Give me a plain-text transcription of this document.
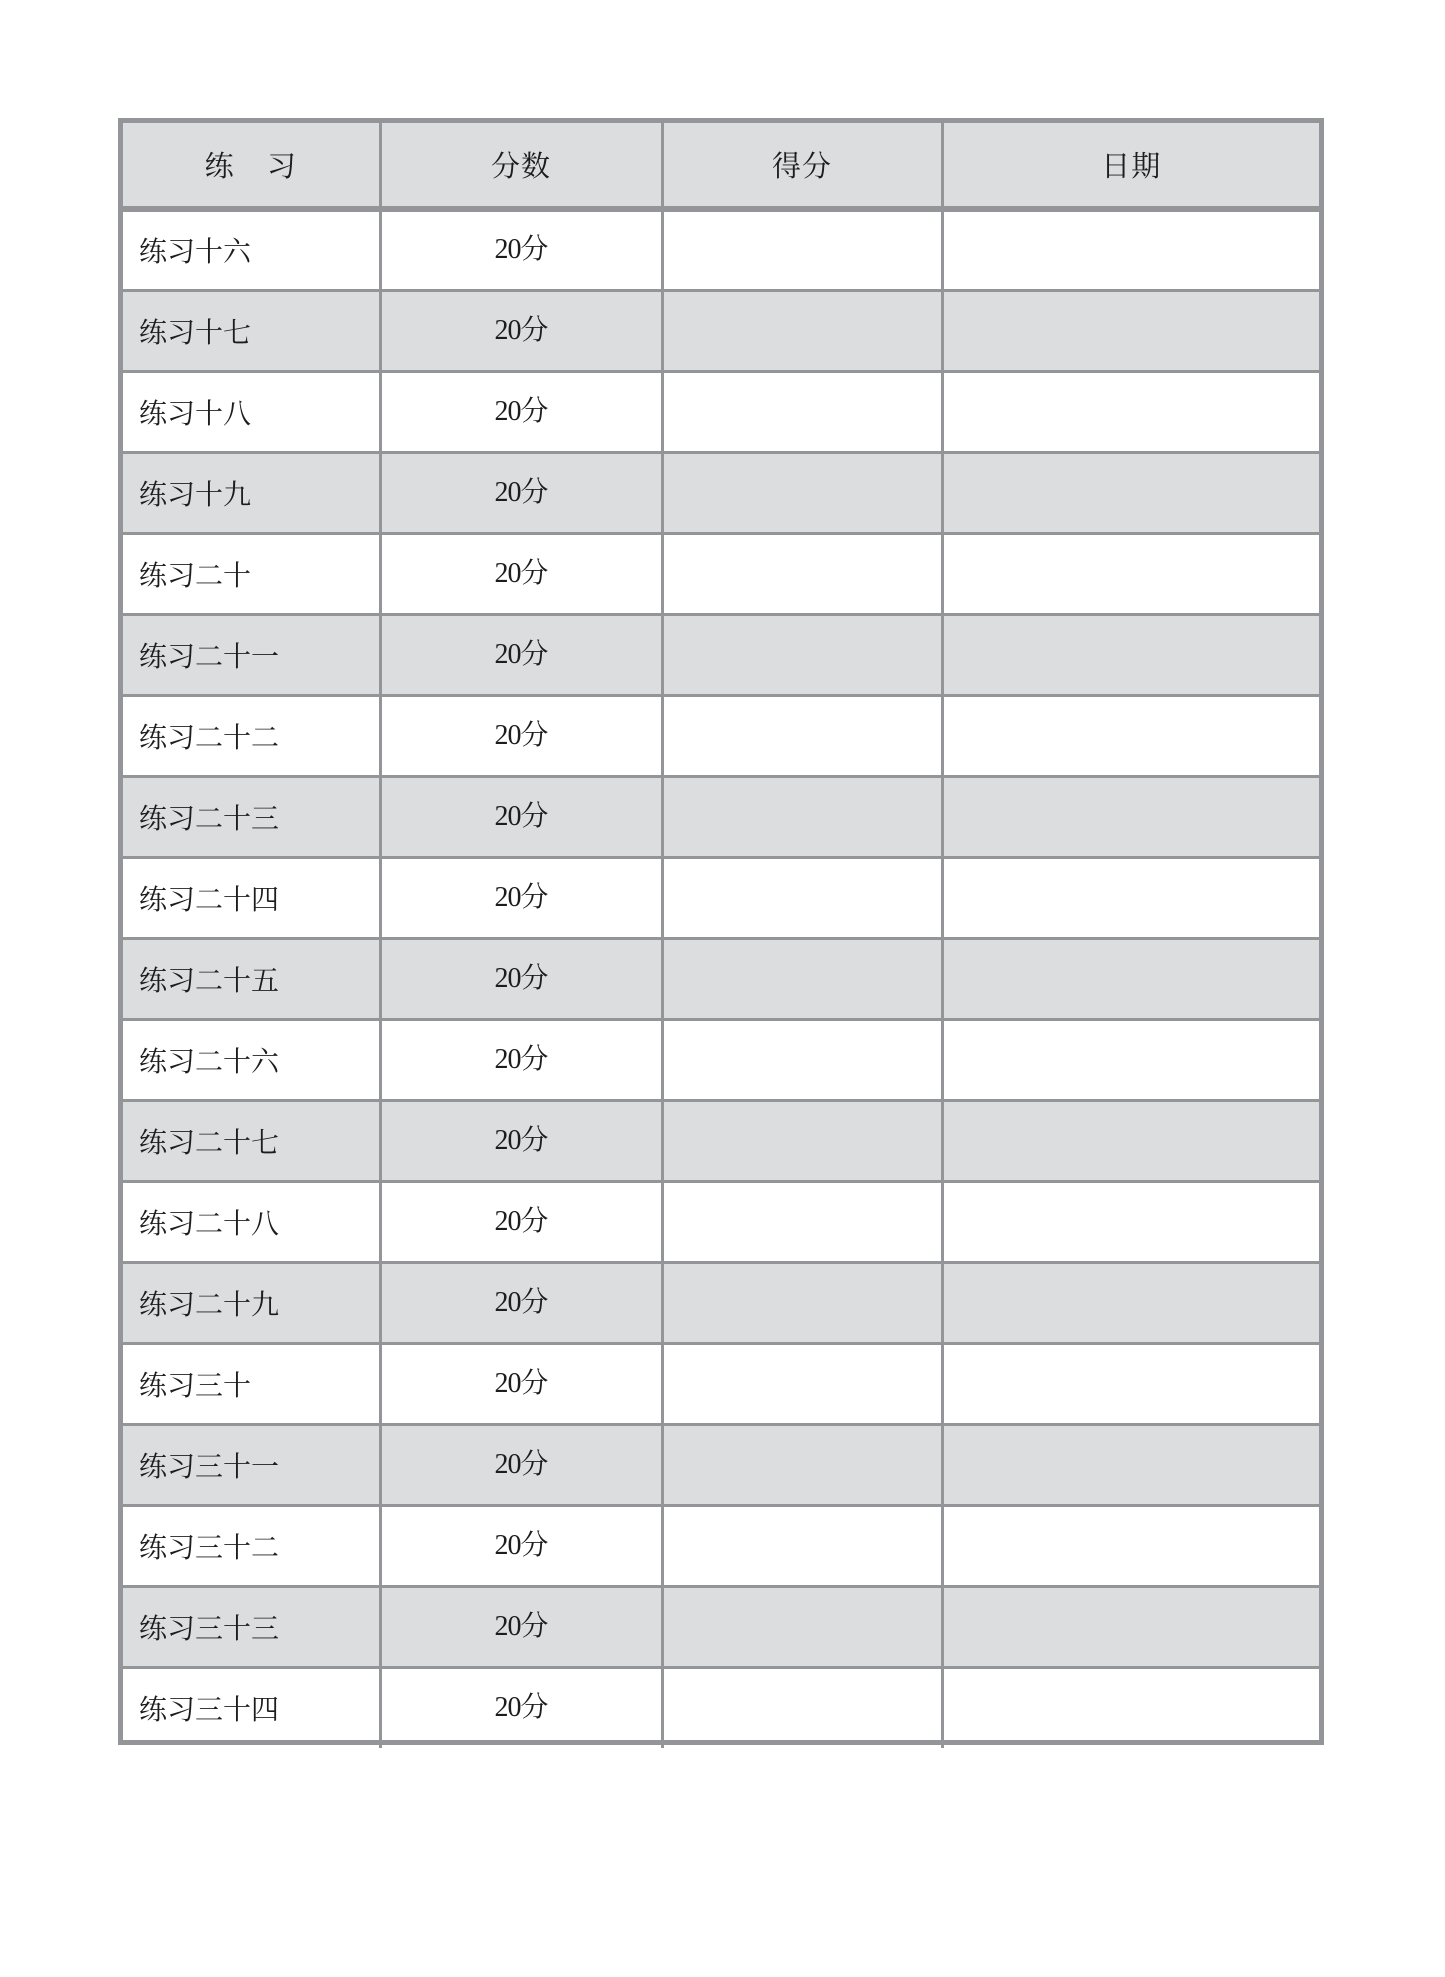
练 习	分数	得分	日期
练习十六	20分		
练习十七	20分		
练习十八	20分		
练习十九	20分		
练习二十	20分		
练习二十一	20分		
练习二十二	20分		
练习二十三	20分		
练习二十四	20分		
练习二十五	20分		
练习二十六	20分		
练习二十七	20分		
练习二十八	20分		
练习二十九	20分		
练习三十	20分		
练习三十一	20分		
练习三十二	20分		
练习三十三	20分		
练习三十四	20分		
